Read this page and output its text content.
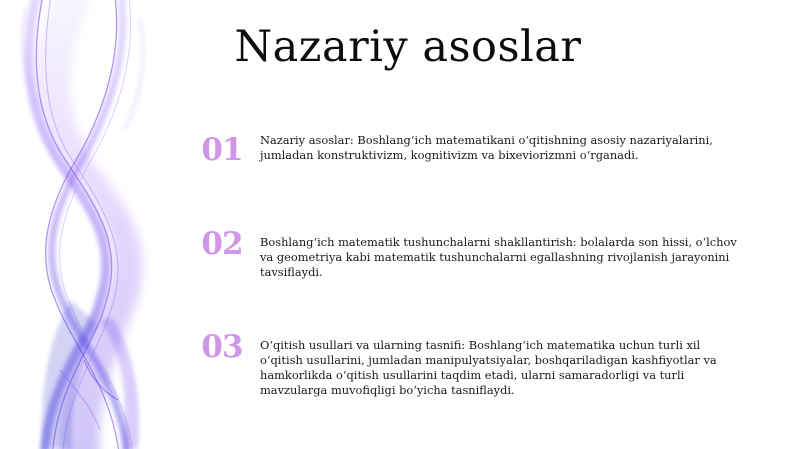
Nazariy asoslar
01	Nazariy asoslar: Boshlang‘ich matematikani o‘qitishning asosiy nazariyalarini, jumladan konstruktivizm, kognitivizm va bixeviorizmni o‘rganadi.
02	Boshlang‘ich matematik tushunchalarni shakllantirish: bolalarda son hissi, o‘lchov va geometriya kabi matematik tushunchalarni egallashning rivojlanish jarayonini tavsiflaydi.
03	O‘qitish usullari va ularning tasnifi: Boshlang‘ich matematika uchun turli xil o‘qitish usullarini, jumladan manipulyatsiyalar, boshqariladigan kashfiyotlar va hamkorlikda o‘qitish usullarini taqdim etadi, ularni samaradorligi va turli mavzularga muvofiqligi bo‘yicha tasniflaydi.
